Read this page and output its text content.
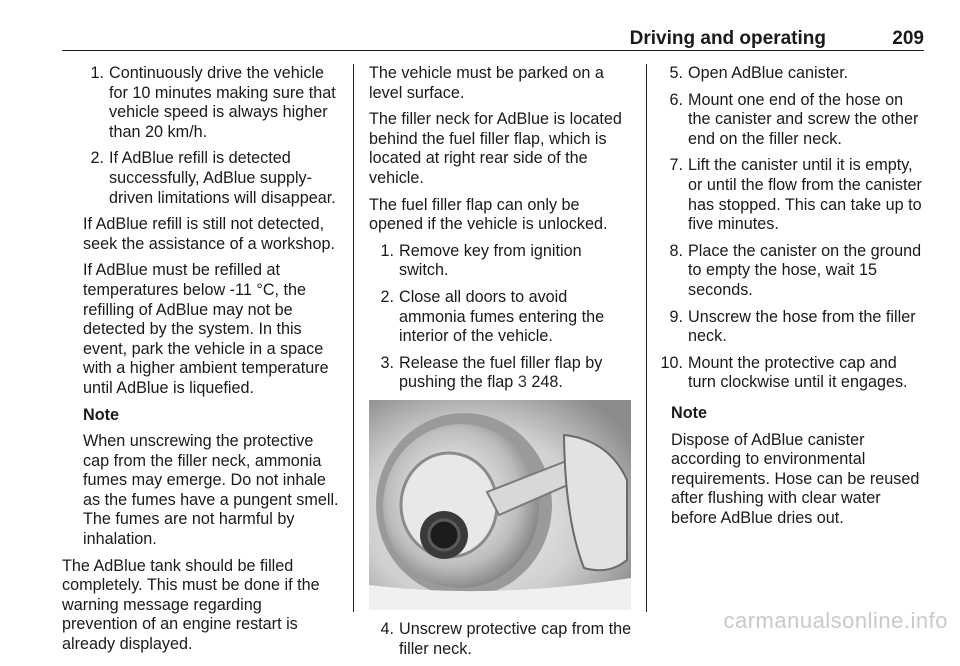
Driving and operating	209
1. Continuously drive the vehicle for 10 minutes making sure that vehicle speed is always higher than 20 km/h.
2. If AdBlue refill is detected successfully, AdBlue supply-driven limitations will disappear.

If AdBlue refill is still not detected, seek the assistance of a workshop.

If AdBlue must be refilled at temperatures below -11 °C, the refilling of AdBlue may not be detected by the system. In this event, park the vehicle in a space with a higher ambient temperature until AdBlue is liquefied.

Note

When unscrewing the protective cap from the filler neck, ammonia fumes may emerge. Do not inhale as the fumes have a pungent smell. The fumes are not harmful by inhalation.

The AdBlue tank should be filled completely. This must be done if the warning message regarding prevention of an engine restart is already displayed.

The vehicle must be parked on a level surface.

The filler neck for AdBlue is located behind the fuel filler flap, which is located at right rear side of the vehicle.

The fuel filler flap can only be opened if the vehicle is unlocked.

1. Remove key from ignition switch.
2. Close all doors to avoid ammonia fumes entering the interior of the vehicle.
3. Release the fuel filler flap by pushing the flap 3 248.
4. Unscrew protective cap from the filler neck.
5. Open AdBlue canister.
6. Mount one end of the hose on the canister and screw the other end on the filler neck.
7. Lift the canister until it is empty, or until the flow from the canister has stopped. This can take up to five minutes.
8. Place the canister on the ground to empty the hose, wait 15 seconds.
9. Unscrew the hose from the filler neck.
10. Mount the protective cap and turn clockwise until it engages.

Note

Dispose of AdBlue canister according to environmental requirements. Hose can be reused after flushing with clear water before AdBlue dries out.

carmanualsonline.info
